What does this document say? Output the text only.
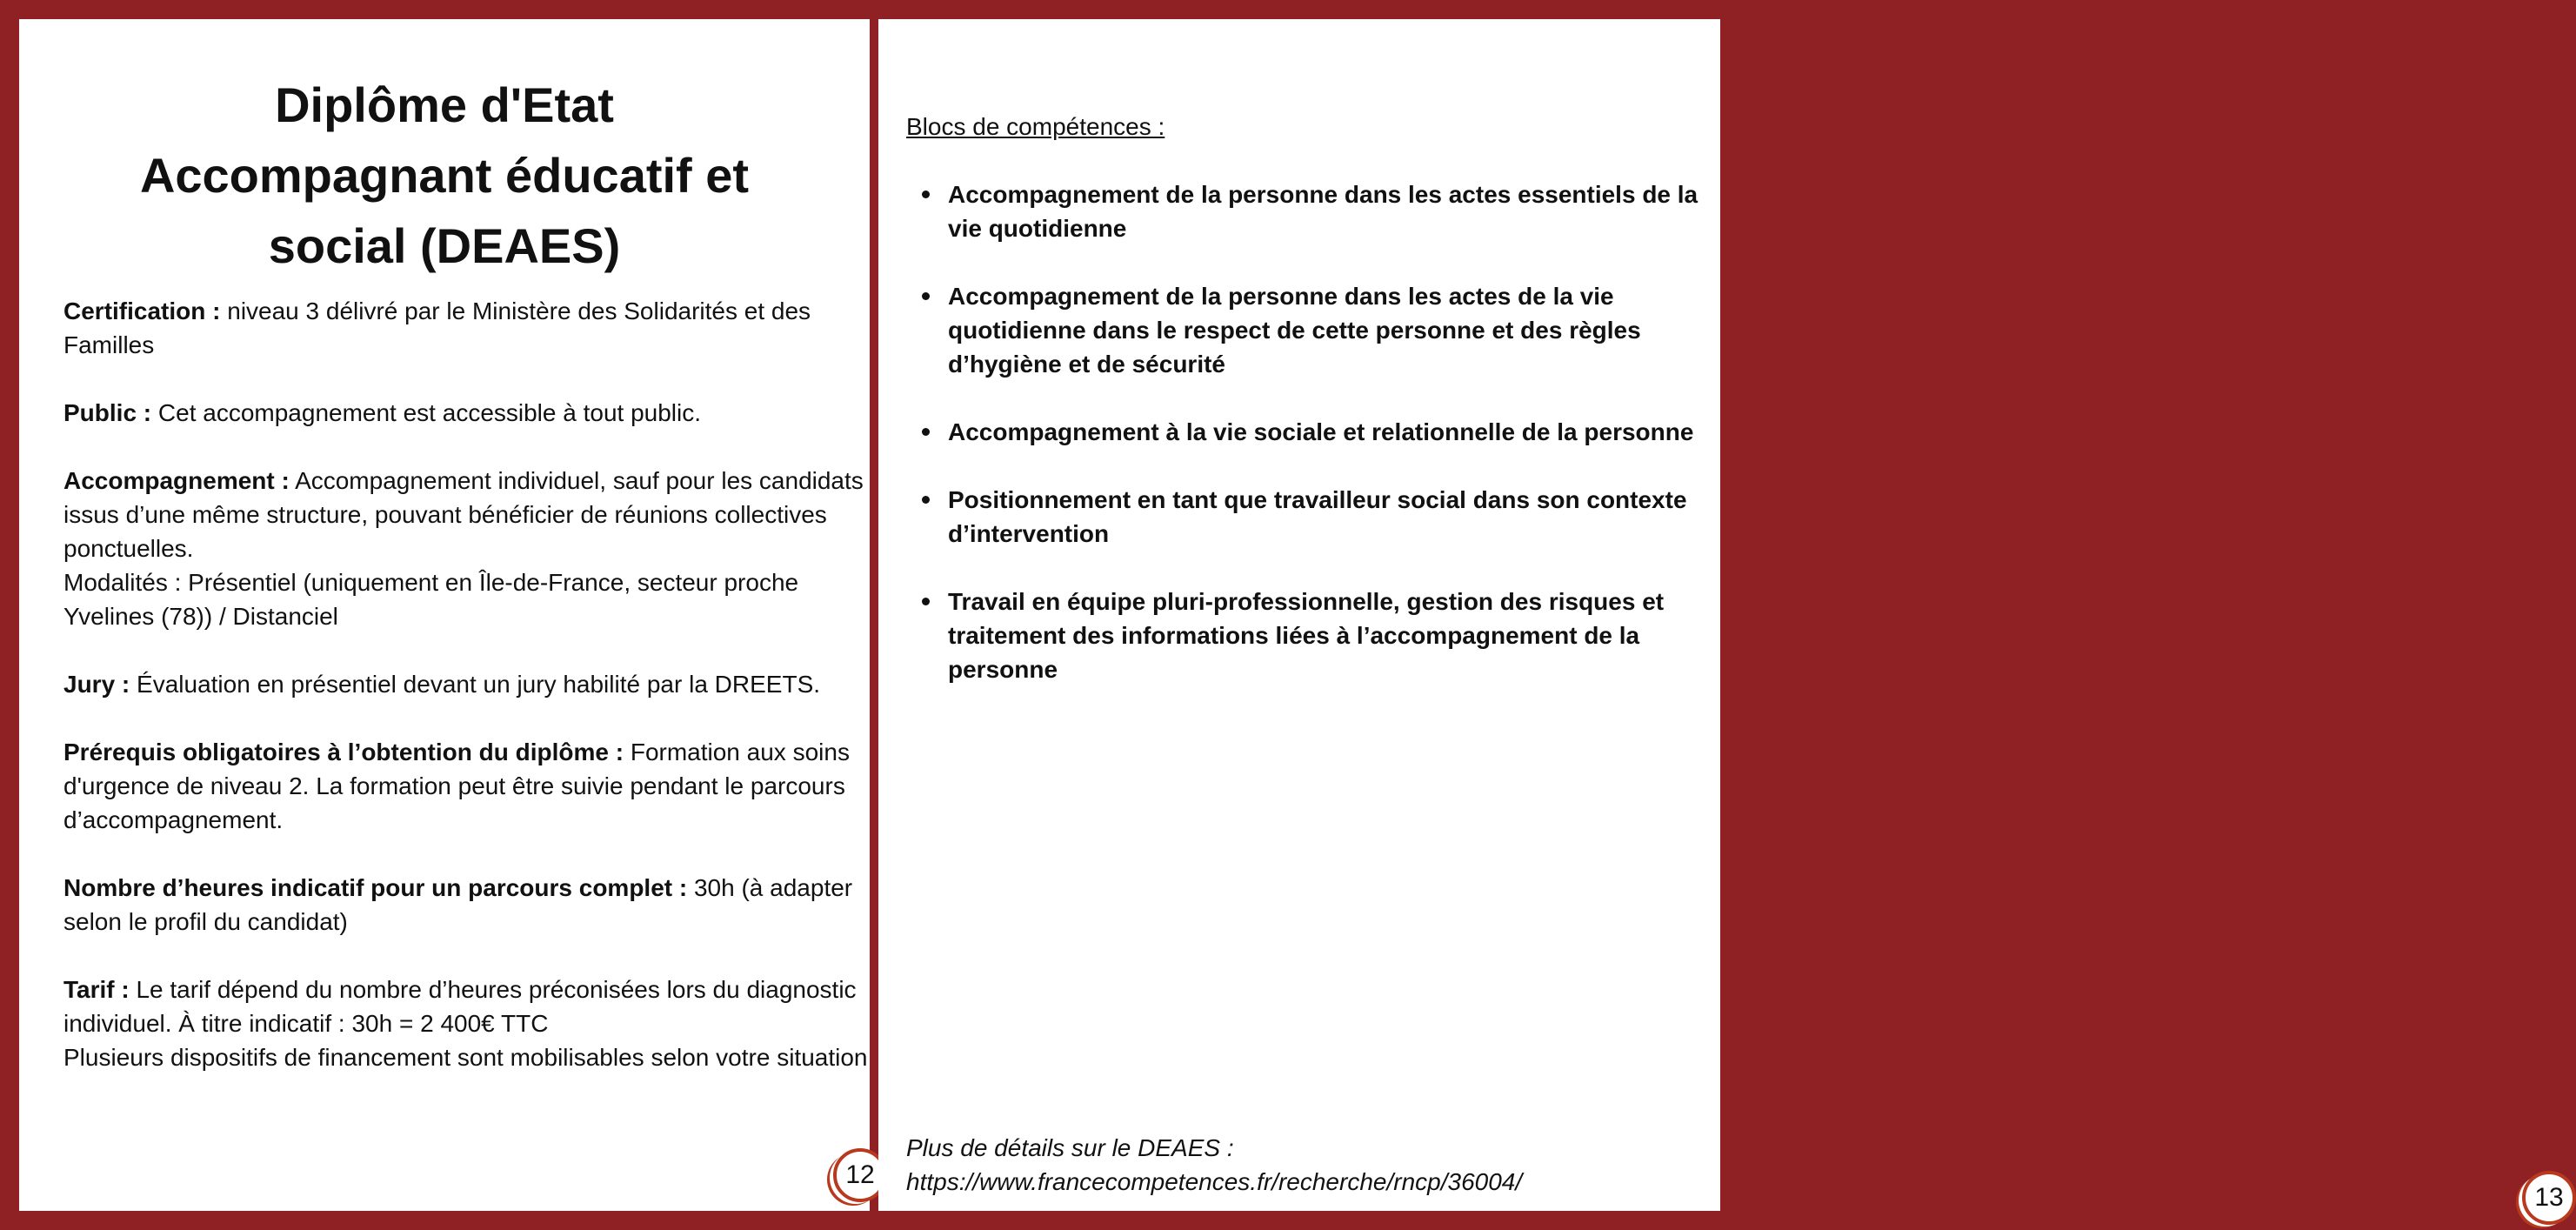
Diplôme d'Etat
Accompagnant éducatif et
social (DEAES)

Certification : niveau 3 délivré par le Ministère des Solidarités et des Familles

Public : Cet accompagnement est accessible à tout public.

Accompagnement : Accompagnement individuel, sauf pour les candidats issus d’une même structure, pouvant bénéficier de réunions collectives ponctuelles.

Modalités : Présentiel (uniquement en Île-de-France, secteur proche Yvelines (78)) / Distanciel

Jury : Évaluation en présentiel devant un jury habilité par la DREETS.

Prérequis obligatoires à l’obtention du diplôme : Formation aux soins d'urgence de niveau 2. La formation peut être suivie pendant le parcours d’accompagnement.

Nombre d’heures indicatif pour un parcours complet : 30h (à adapter selon le profil du candidat)

Tarif : Le tarif dépend du nombre d’heures préconisées lors du diagnostic individuel. À titre indicatif : 30h = 2 400€ TTC

Plusieurs dispositifs de financement sont mobilisables selon votre situation

12
Blocs de compétences :
Accompagnement de la personne dans les actes essentiels de la vie quotidienne
Accompagnement de la personne dans les actes de la vie quotidienne dans le respect de cette personne et des règles d’hygiène et de sécurité
Accompagnement à la vie sociale et relationnelle de la personne
Positionnement en tant que travailleur social dans son contexte d’intervention
Travail en équipe pluri-professionnelle, gestion des risques et traitement des informations liées à l’accompagnement de la personne
Plus de détails sur le DEAES :
https://www.francecompetences.fr/recherche/rncp/36004/
13
